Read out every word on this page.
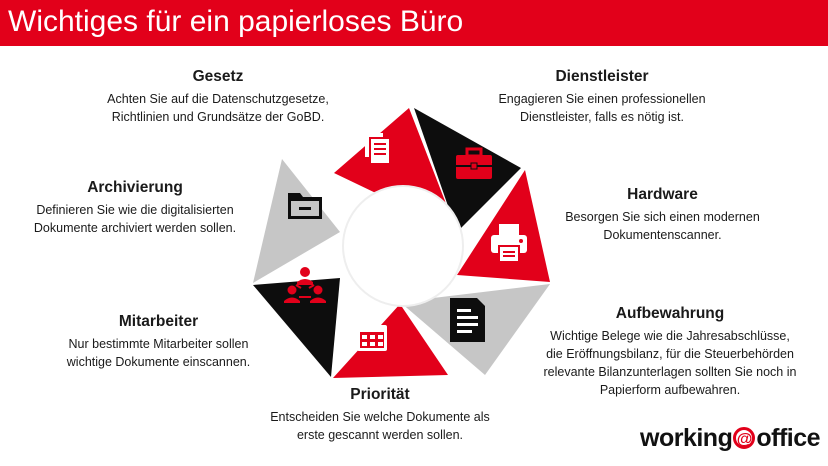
Wichtiges für ein papierloses Büro
Gesetz
Achten Sie auf die Datenschutzgesetze,
Richtlinien und Grundsätze der GoBD.
Dienstleister
Engagieren Sie einen professionellen
Dienstleister, falls es nötig ist.
Archivierung
Definieren Sie wie die digitalisierten
Dokumente archiviert werden sollen.
Hardware
Besorgen Sie sich einen modernen
Dokumentenscanner.
Mitarbeiter
Nur bestimmte Mitarbeiter sollen
wichtige Dokumente einscannen.
Aufbewahrung
Wichtige Belege wie die Jahresabschlüsse,
die Eröffnungsbilanz, für die Steuerbehörden
relevante Bilanzunterlagen sollten Sie noch in
Papierform aufbewahren.
Priorität
Entscheiden Sie welche Dokumente als
erste gescannt werden sollen.	working @ office
